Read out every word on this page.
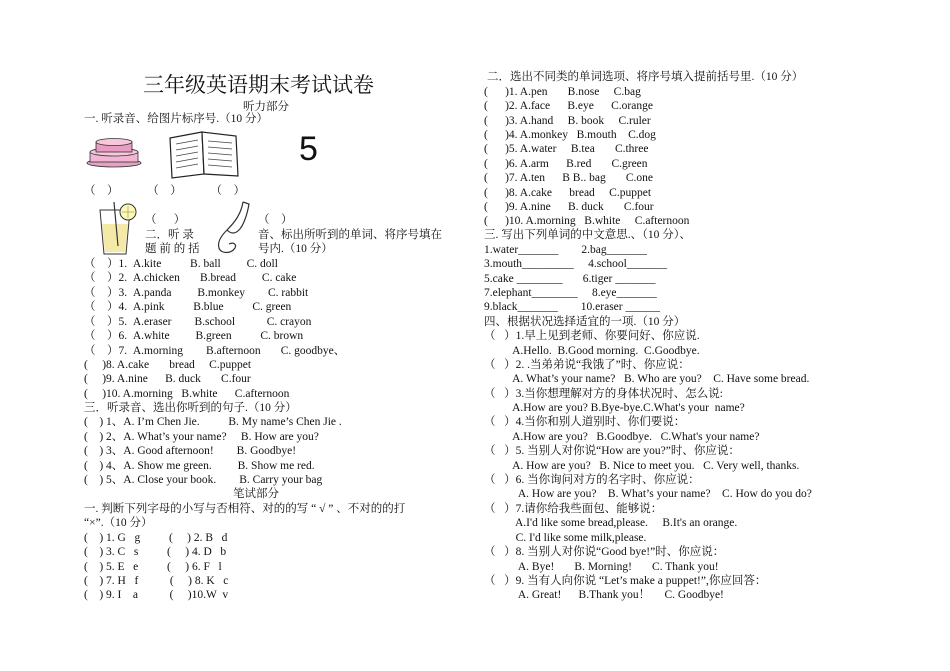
三年级英语期末考试试卷
听力部分
一. 听录音、给图片标序号.（10 分）
5
（    ）          （    ）          （    ）
（      ）	（    ）
二．听 录	音、标出所听到的单词、将序号填在
题 前 的 括	号内.（10 分）
（    ）1.  A.kite          B. ball         C. doll
（    ）2.  A.chicken       B.bread         C. cake
（    ）3.  A.panda         B.monkey        C. rabbit
（    ）4.  A.pink          B.blue          C. green
（    ）5.  A.eraser        B.school           C. crayon
（    ）6.  A.white         B.green          C. brown
（    ）7.  A.morning        B.afternoon       C. goodbye、
(     )8. A.cake       bread     C.puppet
(     )9. A.nine      B. duck       C.four
(     )10. A.morning   B.white      C.afternoon
三．听录音、选出你听到的句子.（10 分）
(    ) 1、A. I’m Chen Jie.          B. My name’s Chen Jie .
(    ) 2、A. What’s your name?     B. How are you?
(    ) 3、A. Good afternoon!        B. Goodbye!
(    ) 4、A. Show me green.         B. Show me red.
(    ) 5、A. Close your book.        B. Carry your bag
笔试部分
一. 判断下列字母的小写与否相符、对的的写 “ √ ” 、不对的的打
“×”.（10 分）
(    ) 1. G   g          (     ) 2. B   d
(    ) 3. C   s          (     ) 4. D   b
(    ) 5. E   e          (     ) 6. F   l
(    ) 7. H   f           (     ) 8. K   c
(    ) 9. I    a           (     )10.W  v
二．选出不同类的单词选项、将序号填入提前括号里.（10 分）
(      )1. A.pen       B.nose     C.bag
(      )2. A.face      B.eye      C.orange
(      )3. A.hand     B. book     C.ruler
(      )4. A.monkey   B.mouth    C.dog
(      )5. A.water     B.tea       C.three
(      )6. A.arm      B.red       C.green
(      )7. A.ten      B B.. bag       C.one
(      )8. A.cake      bread     C.puppet
(      )9. A.nine      B. duck       C.four
(      )10. A.morning   B.white     C.afternoon
三. 写出下列单词的中文意思.、（10 分）、
1.water_______        2.bag_______
3.mouth_________     4.school_______
5.cake ________       6.tiger _______
7.elephant________     8.eye_______
9.black_______        10.eraser ______
四、根据状况选择适宜的一项.（10 分）
（   ）1.早上见到老师、你要问好、你应说.
A.Hello.  B.Good morning.  C.Goodbye.
（   ）2. .当弟弟说“我饿了”时、你应说：
A. What’s your name?   B. Who are you?    C. Have some bread.
（   ）3.当你想理解对方的身体状况时、怎么说:
A.How are you? B.Bye-bye.C.What's your  name?
（   ）4.当你和别人道别时、你们要说：
A.How are you?   B.Goodbye.   C.What's your name?
（   ）5. 当别人对你说“How are you?”时、你应说：
A. How are you?   B. Nice to meet you.   C. Very well, thanks.
（   ）6. 当你询问对方的名字时、你应说：
A. How are you?    B. What’s your name?    C. How do you do?
（   ）7.请你给我些面包、能够说：
A.I'd like some bread,please.     B.It's an orange.
C. I'd like some milk,please.
（   ）8. 当别人对你说“Good bye!”时、你应说：
A. Bye!       B. Morning!       C. Thank you!
（   ）9. 当有人向你说 “Let’s make a puppet!”,你应回答：
A. Great!      B.Thank you！     C. Goodbye!
